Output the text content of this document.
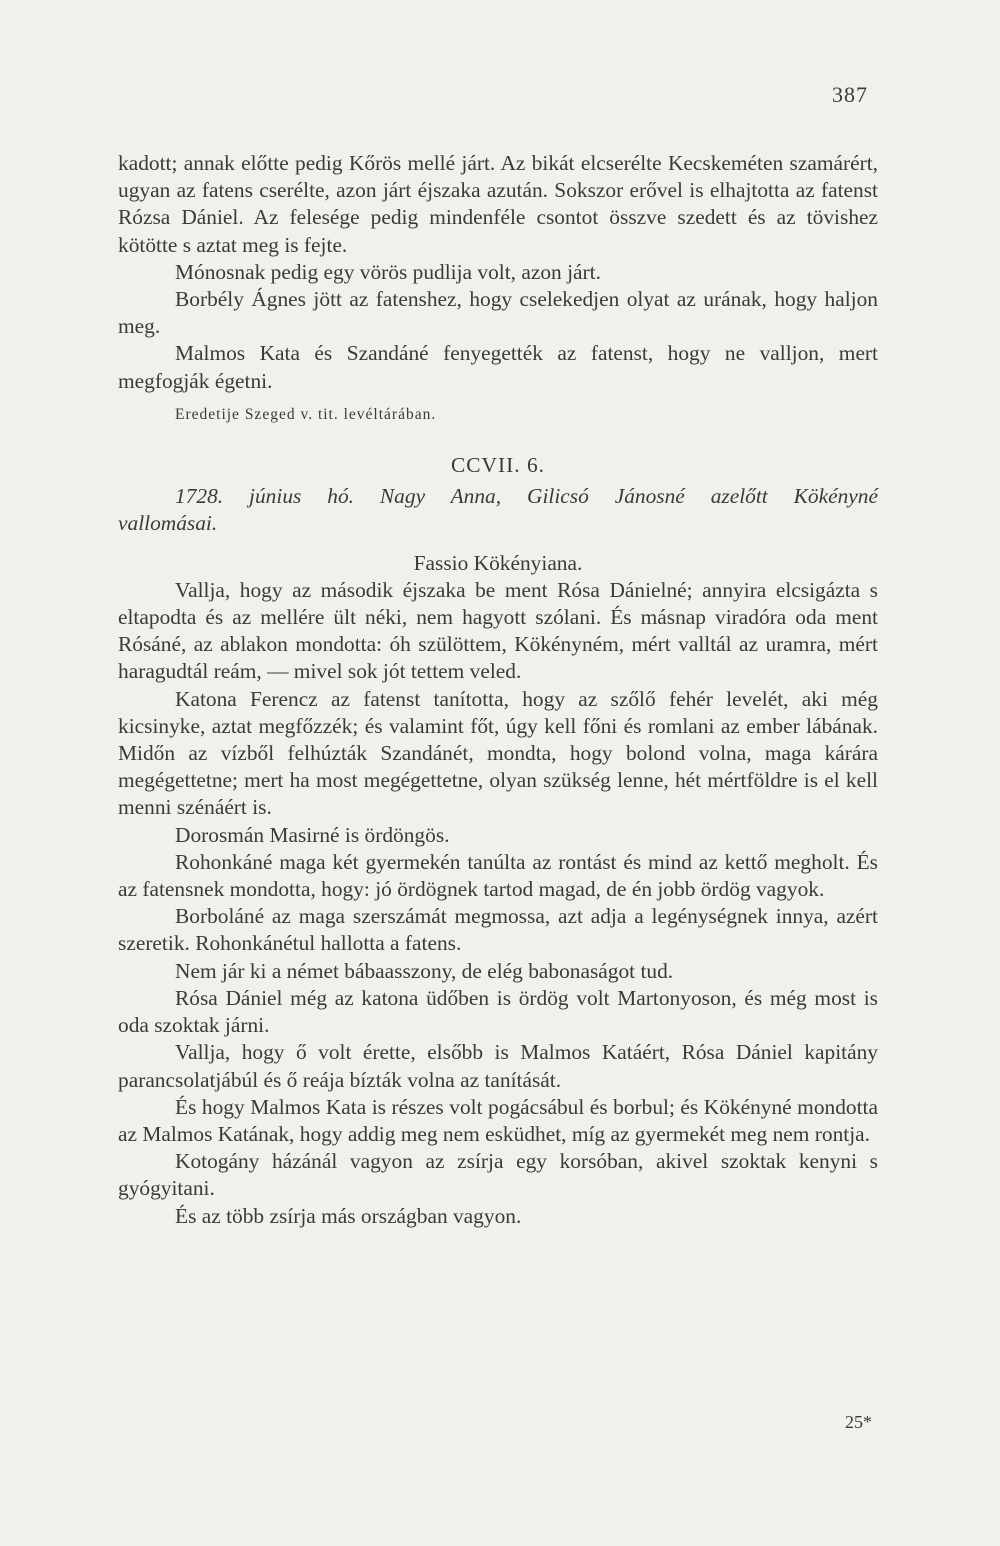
387

kadott; annak előtte pedig Kőrös mellé járt. Az bikát elcserélte Kecskeméten szamárért, ugyan az fatens cserélte, azon járt éjszaka azután. Sokszor erővel is elhajtotta az fatenst Rózsa Dániel. Az felesége pedig mindenféle csontot összve szedett és az tövishez kötötte s aztat meg is fejte.

Mónosnak pedig egy vörös pudlija volt, azon járt.

Borbély Ágnes jött az fatenshez, hogy cselekedjen olyat az urának, hogy haljon meg.

Malmos Kata és Szandáné fenyegették az fatenst, hogy ne valljon, mert megfogják égetni.

Eredetije Szeged v. tit. levéltárában.

CCVII. 6.

1728. június hó. Nagy Anna, Gilicsó Jánosné azelőtt Kökényné vallomásai.

Fassio Kökényiana.

Vallja, hogy az második éjszaka be ment Rósa Dánielné; annyira elcsigázta s eltapodta és az mellére ült néki, nem hagyott szólani. És másnap viradóra oda ment Rósáné, az ablakon mondotta: óh szülöttem, Kökényném, mért valltál az uramra, mért haragudtál reám, — mivel sok jót tettem veled.

Katona Ferencz az fatenst tanította, hogy az szőlő fehér levelét, aki még kicsinyke, aztat megfőzzék; és valamint főt, úgy kell főni és romlani az ember lábának. Midőn az vízből felhúzták Szandánét, mondta, hogy bolond volna, maga kárára megégettetne; mert ha most megégettetne, olyan szükség lenne, hét mértföldre is el kell menni szénáért is.

Dorosmán Masirné is ördöngös.

Rohonkáné maga két gyermekén tanúlta az rontást és mind az kettő megholt. És az fatensnek mondotta, hogy: jó ördögnek tartod magad, de én jobb ördög vagyok.

Borboláné az maga szerszámát megmossa, azt adja a legénységnek innya, azért szeretik. Rohonkánétul hallotta a fatens.

Nem jár ki a német bábaasszony, de elég babonaságot tud.

Rósa Dániel még az katona üdőben is ördög volt Martonyoson, és még most is oda szoktak járni.

Vallja, hogy ő volt érette, elsőbb is Malmos Katáért, Rósa Dániel kapitány parancsolatjábúl és ő reája bízták volna az tanítását.

És hogy Malmos Kata is részes volt pogácsábul és borbul; és Kökényné mondotta az Malmos Katának, hogy addig meg nem esküdhet, míg az gyermekét meg nem rontja.

Kotogány házánál vagyon az zsírja egy korsóban, akivel szoktak kenyni s gyógyitani.

És az több zsírja más országban vagyon.

25*
